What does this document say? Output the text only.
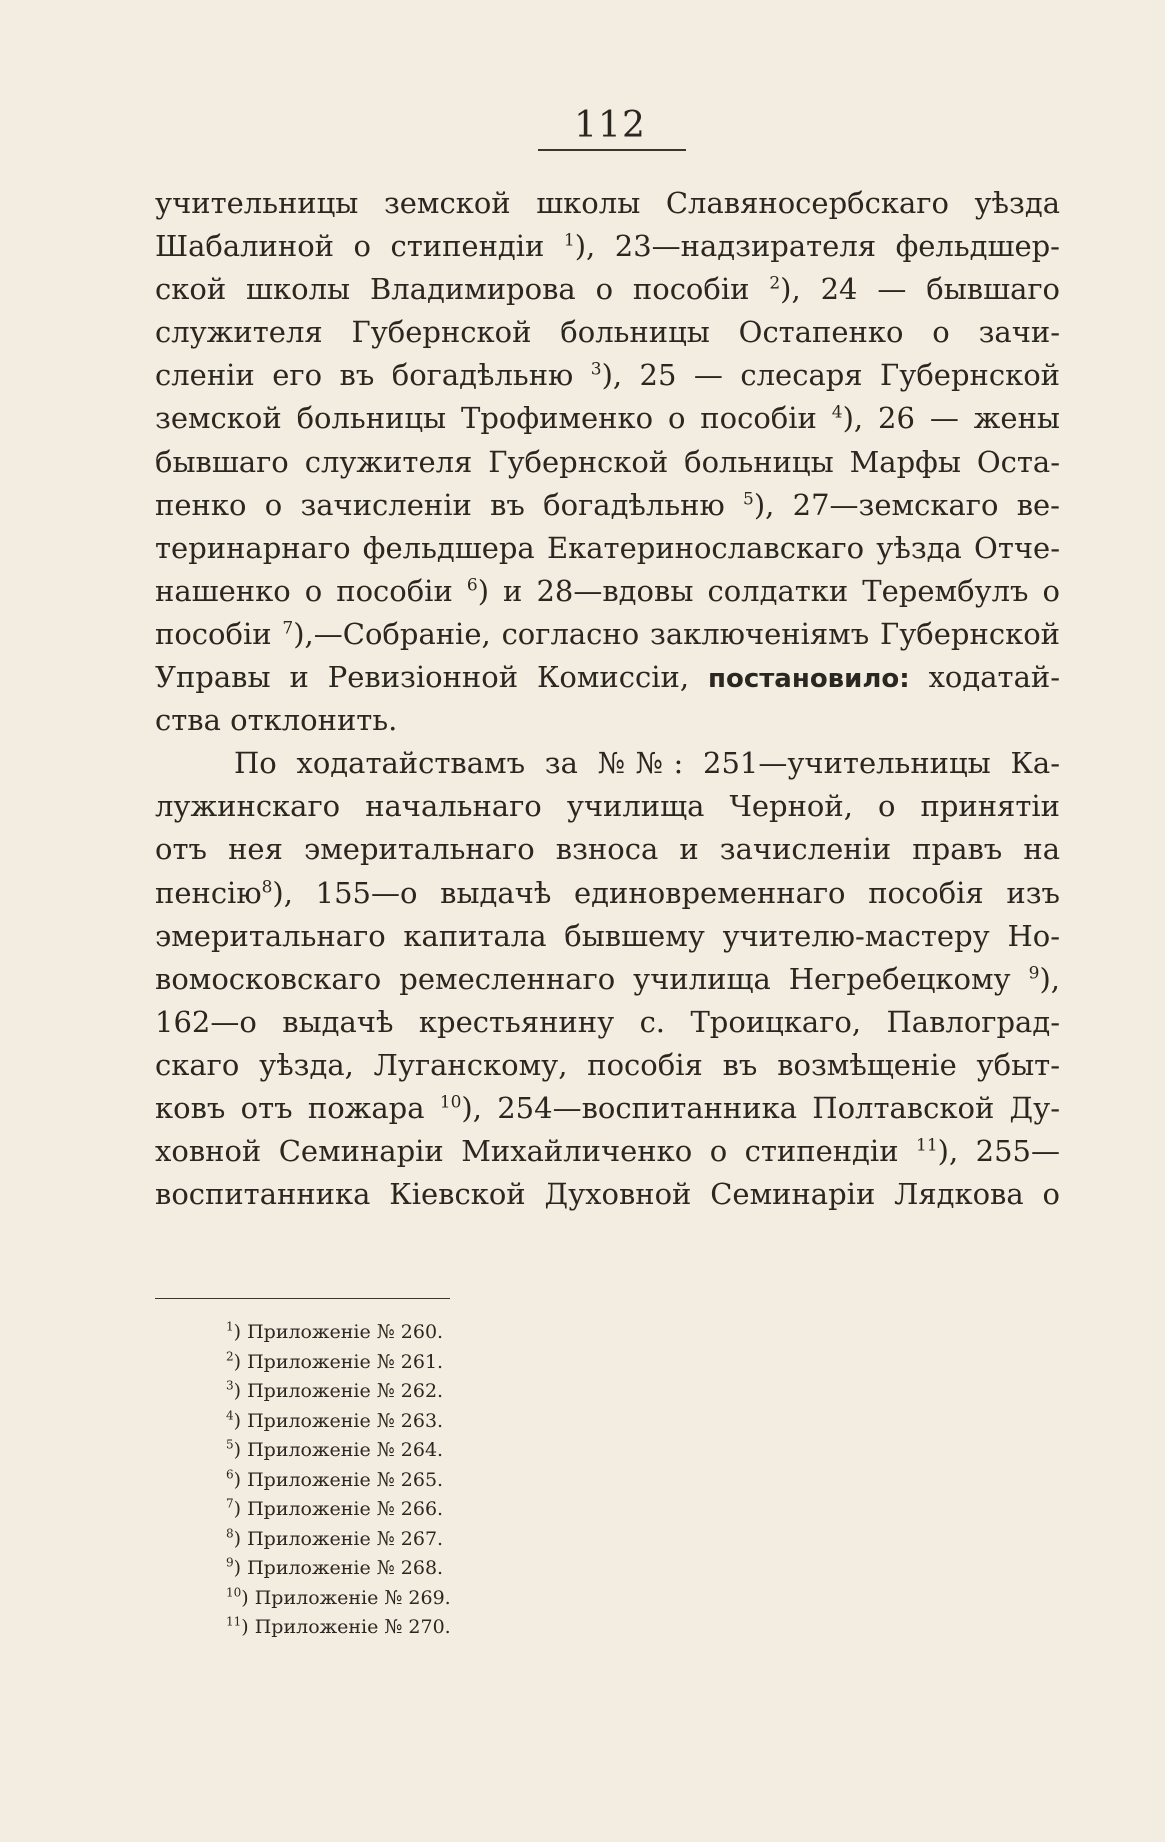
112
учительницы земской школы Славяносербскаго уѣзда
Шабалиной о стипендіи $^1$), 23—надзирателя фельдшер-
ской школы Владимирова о пособіи $^2$), 24 — бывшаго
служителя Губернской больницы Остапенко о зачи-
сленіи его въ богадѣльню $^3$), 25 — слесаря Губернской
земской больницы Трофименко о пособіи $^4$), 26 — жены
бывшаго служителя Губернской больницы Марфы Оста-
пенко о зачисленіи въ богадѣльню $^5$), 27—земскаго ве-
теринарнаго фельдшера Екатеринославскаго уѣзда Отче-
нашенко о пособіи $^6$) и 28—вдовы солдатки Терембулъ о
пособіи $^7$),—Собраніе, согласно заключеніямъ Губернской
Управы и Ревизіонной Комиссіи, постановило: ходатай-
ства отклонить.
По ходатайствамъ за №№: 251—учительницы Ка-
лужинскаго начальнаго училища Черной, о принятіи
отъ нея эмеритальнаго взноса и зачисленіи правъ на
пенсію$^8$), 155—о выдачѣ единовременнаго пособія изъ
эмеритальнаго капитала бывшему учителю-мастеру Но-
вомосковскаго ремесленнаго училища Негребецкому $^9$),
162—о выдачѣ крестьянину с. Троицкаго, Павлоград-
скаго уѣзда, Луганскому, пособія въ возмѣщеніе убыт-
ковъ отъ пожара $^{10}$), 254—воспитанника Полтавской Ду-
ховной Семинаріи Михайличенко о стипендіи $^{11}$), 255—
воспитанника Кіевской Духовной Семинаріи Лядкова о
$^1$) Приложеніе № 260.
$^2$) Приложеніе № 261.
$^3$) Приложеніе № 262.
$^4$) Приложеніе № 263.
$^5$) Приложеніе № 264.
$^6$) Приложеніе № 265.
$^7$) Приложеніе № 266.
$^8$) Приложеніе № 267.
$^9$) Приложеніе № 268.
$^{10}$) Приложеніе № 269.
$^{11}$) Приложеніе № 270.
